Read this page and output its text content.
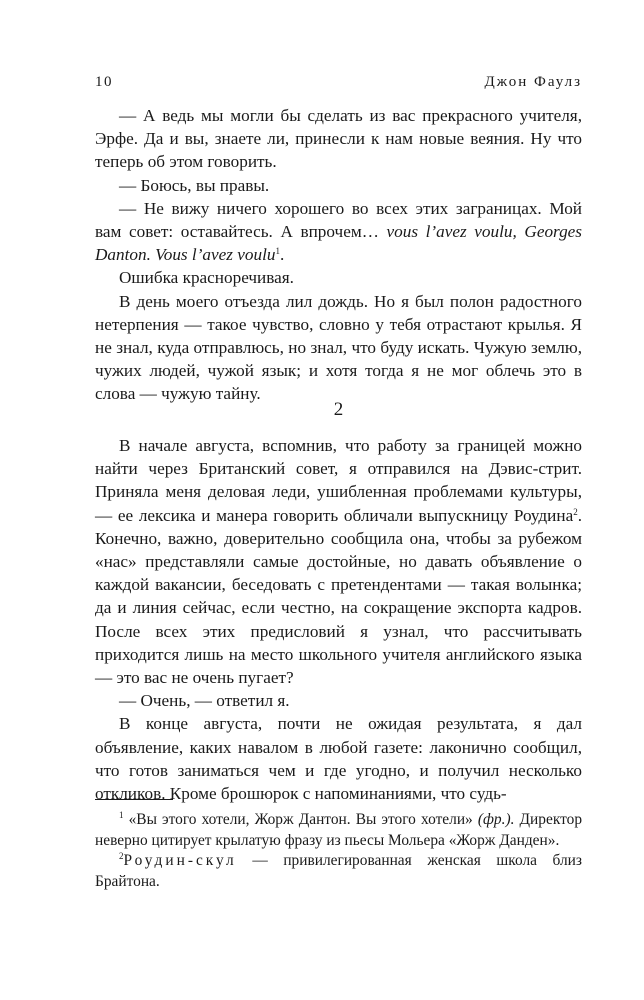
10	Джон Фаулз

— А ведь мы могли бы сделать из вас прекрасного учителя, Эрфе. Да и вы, знаете ли, принесли к нам новые веяния. Ну что теперь об этом говорить.

— Боюсь, вы правы.

— Не вижу ничего хорошего во всех этих заграницах. Мой вам совет: оставайтесь. А впрочем… vous l’avez voulu, Georges Danton. Vous l’avez voulu$^1$.

Ошибка красноречивая.

В день моего отъезда лил дождь. Но я был полон радостного нетерпения — такое чувство, словно у тебя отрастают крылья. Я не знал, куда отправлюсь, но знал, что буду искать. Чужую землю, чужих людей, чужой язык; и хотя тогда я не мог облечь это в слова — чужую тайну.

2

В начале августа, вспомнив, что работу за границей можно найти через Британский совет, я отправился на Дэвис-стрит. Приняла меня деловая леди, ушибленная проблемами культуры, — ее лексика и манера говорить обличали выпускницу Роудина$^2$. Конечно, важно, доверительно сообщила она, чтобы за рубежом «нас» представляли самые достойные, но давать объявление о каждой вакансии, беседовать с претендентами — такая волынка; да и линия сейчас, если честно, на сокращение экспорта кадров. После всех этих предисловий я узнал, что рассчитывать приходится лишь на место школьного учителя английского языка — это вас не очень пугает?

— Очень, — ответил я.

В конце августа, почти не ожидая результата, я дал объявление, каких навалом в любой газете: лаконично сообщил, что готов заниматься чем и где угодно, и получил несколько откликов. Кроме брошюрок с напоминаниями, что судь-

$^1$ «Вы этого хотели, Жорж Дантон. Вы этого хотели» (фр.). Директор неверно цитирует крылатую фразу из пьесы Мольера «Жорж Данден».

$^2$Роудин-скул — привилегированная женская школа близ Брайтона.
